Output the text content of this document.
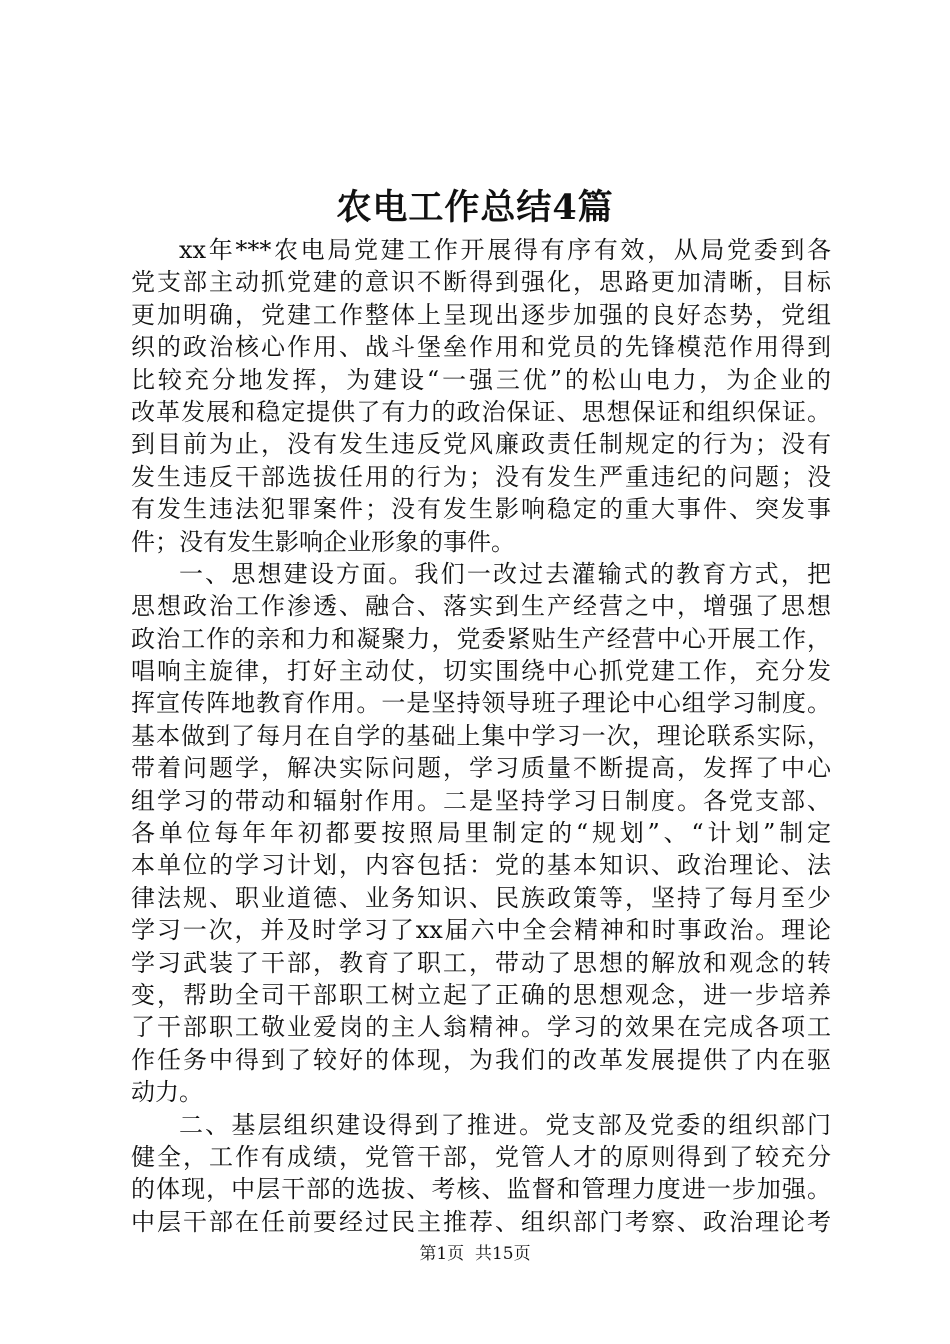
农电工作总结4篇
xx年***农电局党建工作开展得有序有效，从局党委到各
党支部主动抓党建的意识不断得到强化，思路更加清晰，目标
更加明确，党建工作整体上呈现出逐步加强的良好态势，党组
织的政治核心作用、战斗堡垒作用和党员的先锋模范作用得到
比较充分地发挥，为建设“一强三优”的松山电力，为企业的
改革发展和稳定提供了有力的政治保证、思想保证和组织保证。
到目前为止，没有发生违反党风廉政责任制规定的行为；没有
发生违反干部选拔任用的行为；没有发生严重违纪的问题；没
有发生违法犯罪案件；没有发生影响稳定的重大事件、突发事
件；没有发生影响企业形象的事件。
一、思想建设方面。我们一改过去灌输式的教育方式，把
思想政治工作渗透、融合、落实到生产经营之中，增强了思想
政治工作的亲和力和凝聚力，党委紧贴生产经营中心开展工作，
唱响主旋律，打好主动仗，切实围绕中心抓党建工作，充分发
挥宣传阵地教育作用。一是坚持领导班子理论中心组学习制度。
基本做到了每月在自学的基础上集中学习一次，理论联系实际，
带着问题学，解决实际问题，学习质量不断提高，发挥了中心
组学习的带动和辐射作用。二是坚持学习日制度。各党支部、
各单位每年年初都要按照局里制定的“规划”、“计划”制定
本单位的学习计划，内容包括：党的基本知识、政治理论、法
律法规、职业道德、业务知识、民族政策等，坚持了每月至少
学习一次，并及时学习了xx届六中全会精神和时事政治。理论
学习武装了干部，教育了职工，带动了思想的解放和观念的转
变，帮助全司干部职工树立起了正确的思想观念，进一步培养
了干部职工敬业爱岗的主人翁精神。学习的效果在完成各项工
作任务中得到了较好的体现，为我们的改革发展提供了内在驱
动力。
二、基层组织建设得到了推进。党支部及党委的组织部门
健全，工作有成绩，党管干部，党管人才的原则得到了较充分
的体现，中层干部的选拔、考核、监督和管理力度进一步加强。
中层干部在任前要经过民主推荐、组织部门考察、政治理论考
第1页  共15页
